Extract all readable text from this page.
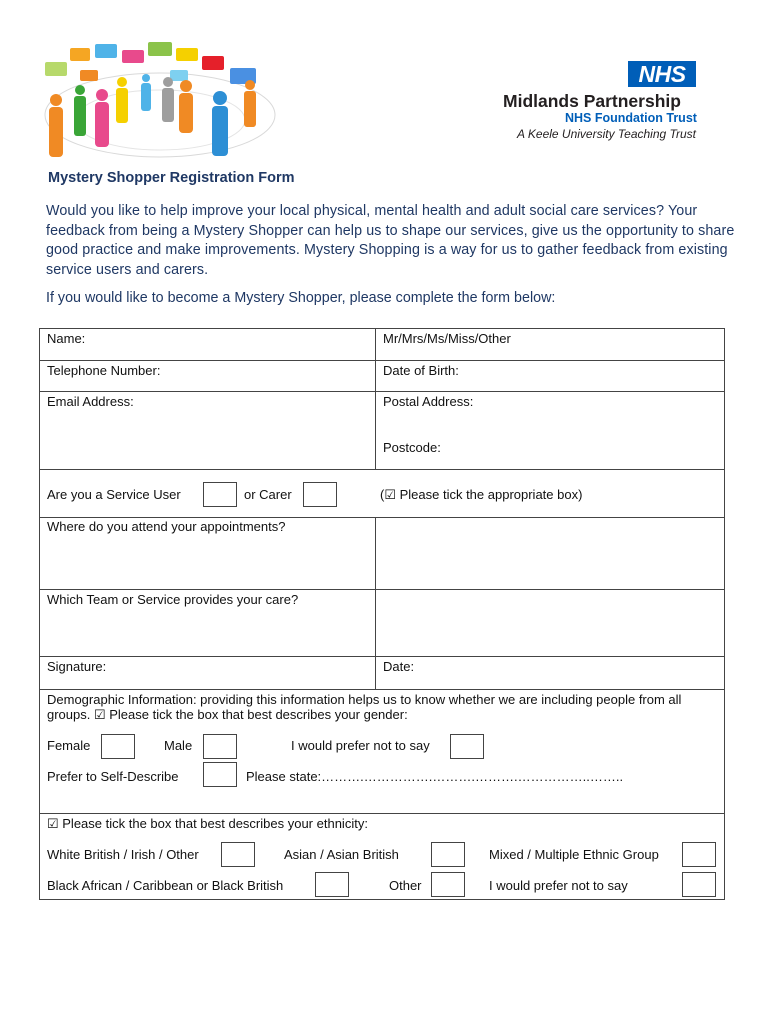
NHS
Midlands Partnership
NHS Foundation Trust
A Keele University Teaching Trust
Mystery Shopper Registration Form
Would you like to help improve your local physical, mental health and adult social care services? Your feedback from being a Mystery Shopper can help us to shape our services, give us the opportunity to share good practice and make improvements. Mystery Shopping is a way for us to gather feedback from existing service users and carers.
If you would like to become a Mystery Shopper, please complete the form below:
Name:	Mr/Mrs/Ms/Miss/Other
Telephone Number:	Date of Birth:
Email Address:	Postal Address:
Postcode:
Are you a Service User	or Carer	(☑ Please tick the appropriate box)
Where do you attend your appointments?
Which Team or Service provides your care?
Signature:	Date:
Demographic Information: providing this information helps us to know whether we are including people from all groups. ☑ Please tick the box that best describes your gender:
Female	Male	I would prefer not to say
Prefer to Self-Describe	Please state:……….…………….……….……….……………..……..
☑ Please tick the box that best describes your ethnicity:
White British / Irish / Other	Asian / Asian British	Mixed / Multiple Ethnic Group
Black African / Caribbean or Black British	Other	I would prefer not to say
